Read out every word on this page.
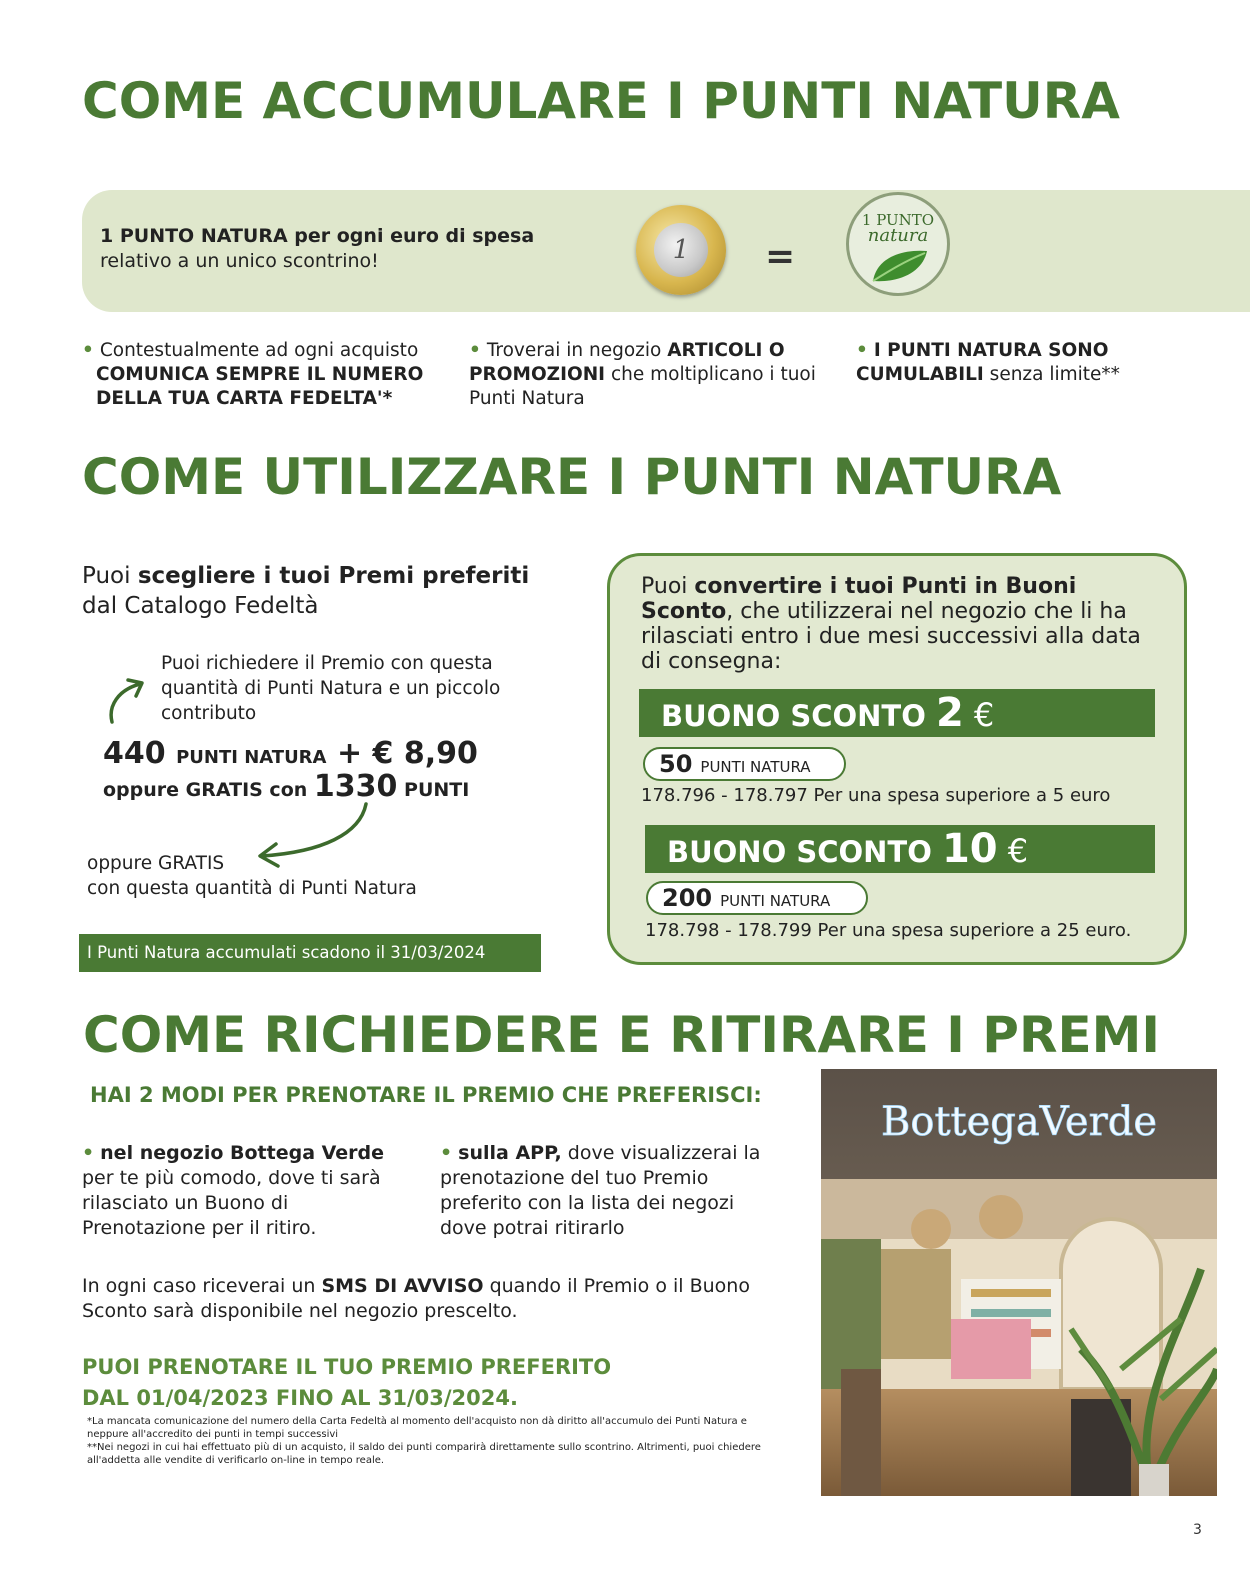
COME ACCUMULARE I PUNTI NATURA
1 PUNTO NATURA per ogni euro di spesa
relativo a un unico scontrino!	1	=
1 PUNTO
natura
• Contestualmente ad ogni acquisto
COMUNICA SEMPRE IL NUMERO DELLA TUA CARTA FEDELTA'*
• Troverai in negozio ARTICOLI O PROMOZIONI che moltiplicano i tuoi Punti Natura
• I PUNTI NATURA SONO CUMULABILI senza limite**
COME UTILIZZARE I PUNTI NATURA
Puoi scegliere i tuoi Premi preferiti
dal Catalogo Fedeltà
Puoi richiedere il Premio con questa quantità di Punti Natura e un piccolo contributo
440 PUNTI NATURA + € 8,90
oppure GRATIS con 1330 PUNTI
oppure GRATIS
con questa quantità di Punti Natura
I Punti Natura accumulati scadono il 31/03/2024
Puoi convertire i tuoi Punti in Buoni
Sconto, che utilizzerai nel negozio che li ha rilasciati entro i due mesi successivi alla data di consegna:
BUONO SCONTO 2 €
50 PUNTI NATURA
178.796 - 178.797 Per una spesa superiore a 5 euro
BUONO SCONTO 10 €
200 PUNTI NATURA
178.798 - 178.799 Per una spesa superiore a 25 euro.
COME RICHIEDERE E RITIRARE I PREMI
HAI 2 MODI PER PRENOTARE IL PREMIO CHE PREFERISCI:
• nel negozio Bottega Verde
per te più comodo, dove ti sarà rilasciato un Buono di Prenotazione per il ritiro.
• sulla APP, dove visualizzerai la prenotazione del tuo Premio preferito con la lista dei negozi dove potrai ritirarlo
In ogni caso riceverai un SMS DI AVVISO quando il Premio o il Buono Sconto sarà disponibile nel negozio prescelto.
PUOI PRENOTARE IL TUO PREMIO PREFERITO
DAL 01/04/2023 FINO AL 31/03/2024.
*La mancata comunicazione del numero della Carta Fedeltà al momento dell'acquisto non dà diritto all'accumulo dei Punti Natura e neppure all'accredito dei punti in tempi successivi
**Nei negozi in cui hai effettuato più di un acquisto, il saldo dei punti comparirà direttamente sullo scontrino. Altrimenti, puoi chiedere all'addetta alle vendite di verificarlo on-line in tempo reale.
BottegaVerde
3
